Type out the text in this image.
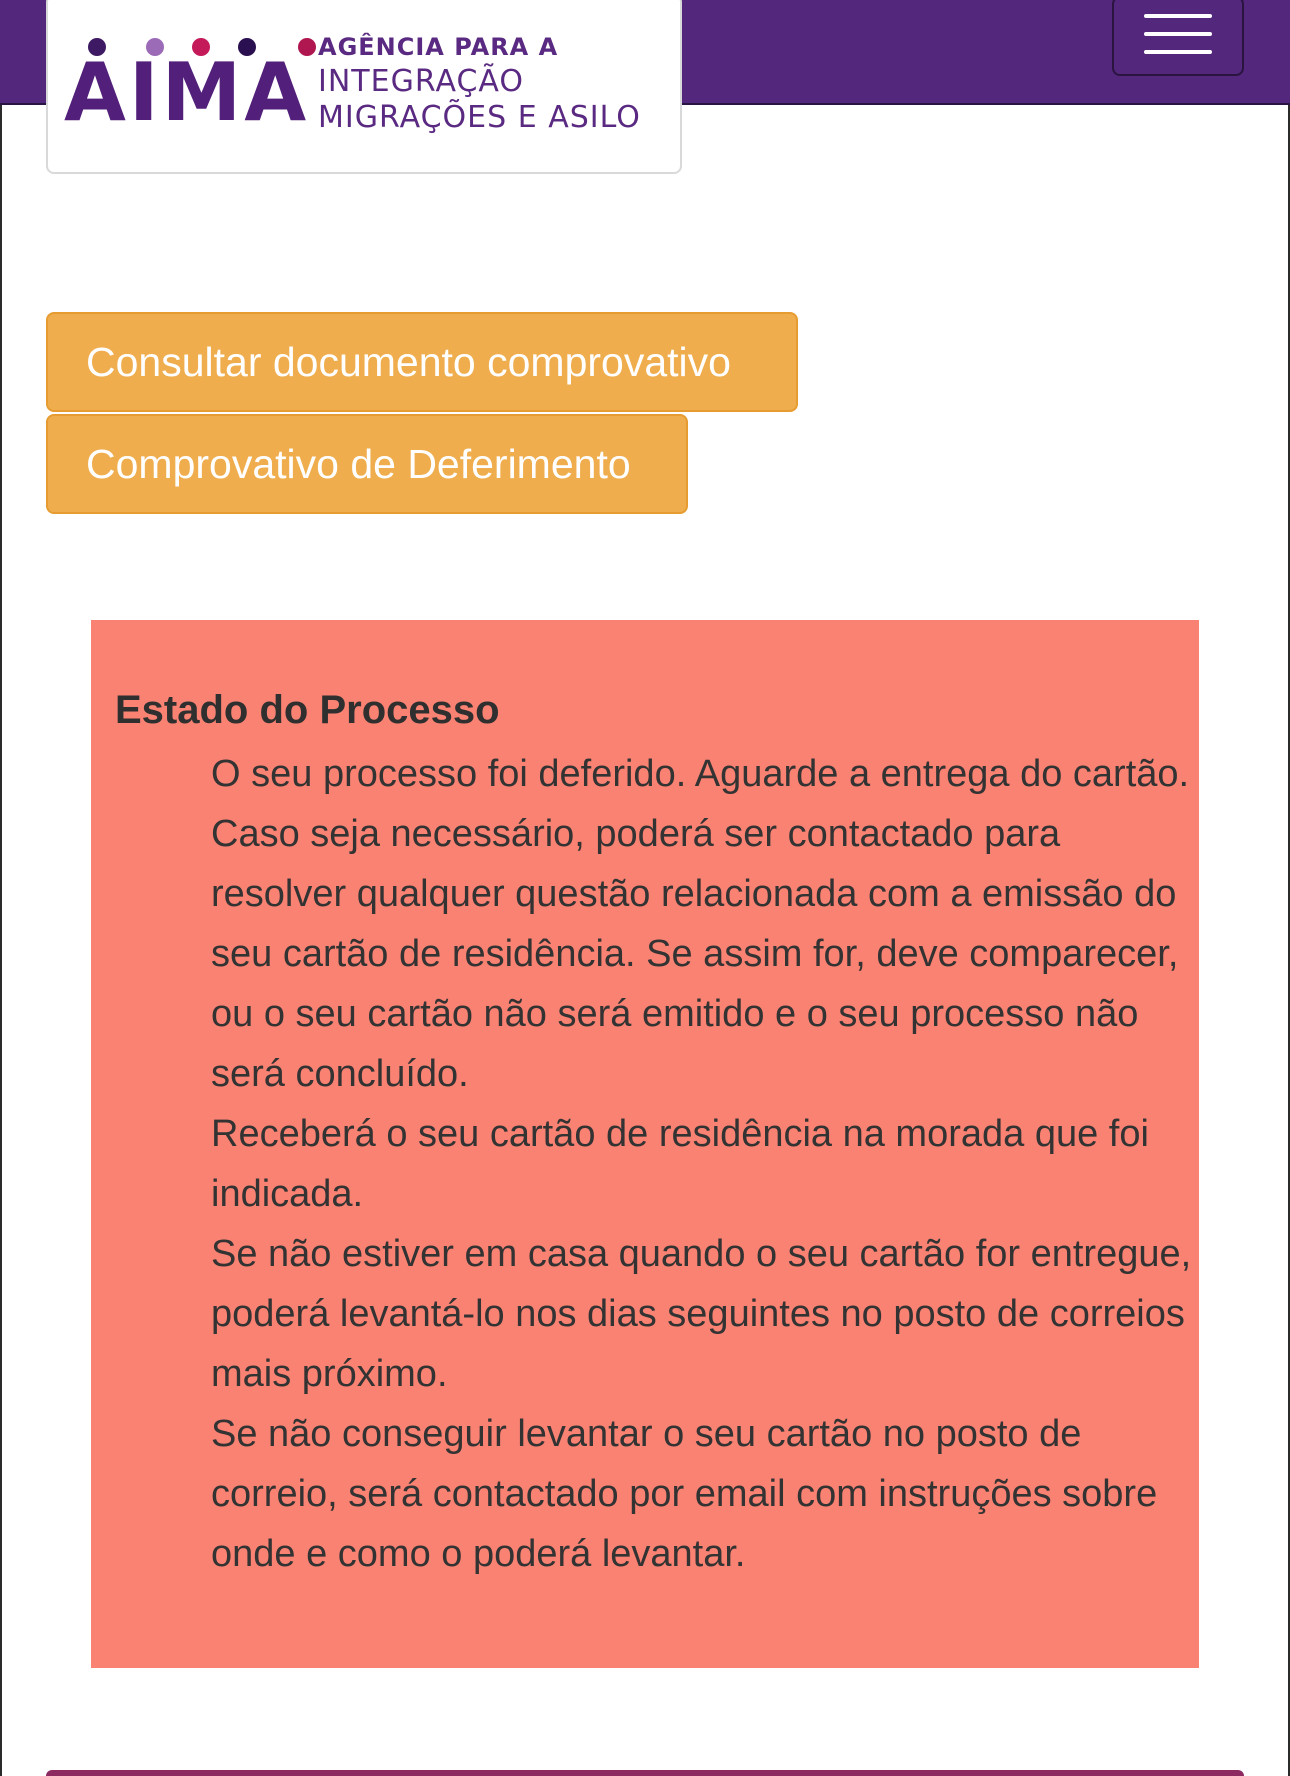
AIMA AGÊNCIA PARA A
INTEGRAÇÃO
MIGRAÇÕES E ASILO
Consultar documento comprovativo
Comprovativo de Deferimento
Estado do Processo

O seu processo foi deferido. Aguarde a entrega do cartão.

Caso seja necessário, poderá ser contactado para resolver qualquer questão relacionada com a emissão do seu cartão de residência. Se assim for, deve comparecer, ou o seu cartão não será emitido e o seu processo não será concluído.

Receberá o seu cartão de residência na morada que foi indicada.

Se não estiver em casa quando o seu cartão for entregue, poderá levantá-lo nos dias seguintes no posto de correios mais próximo.

Se não conseguir levantar o seu cartão no posto de correio, será contactado por email com instruções sobre onde e como o poderá levantar.
